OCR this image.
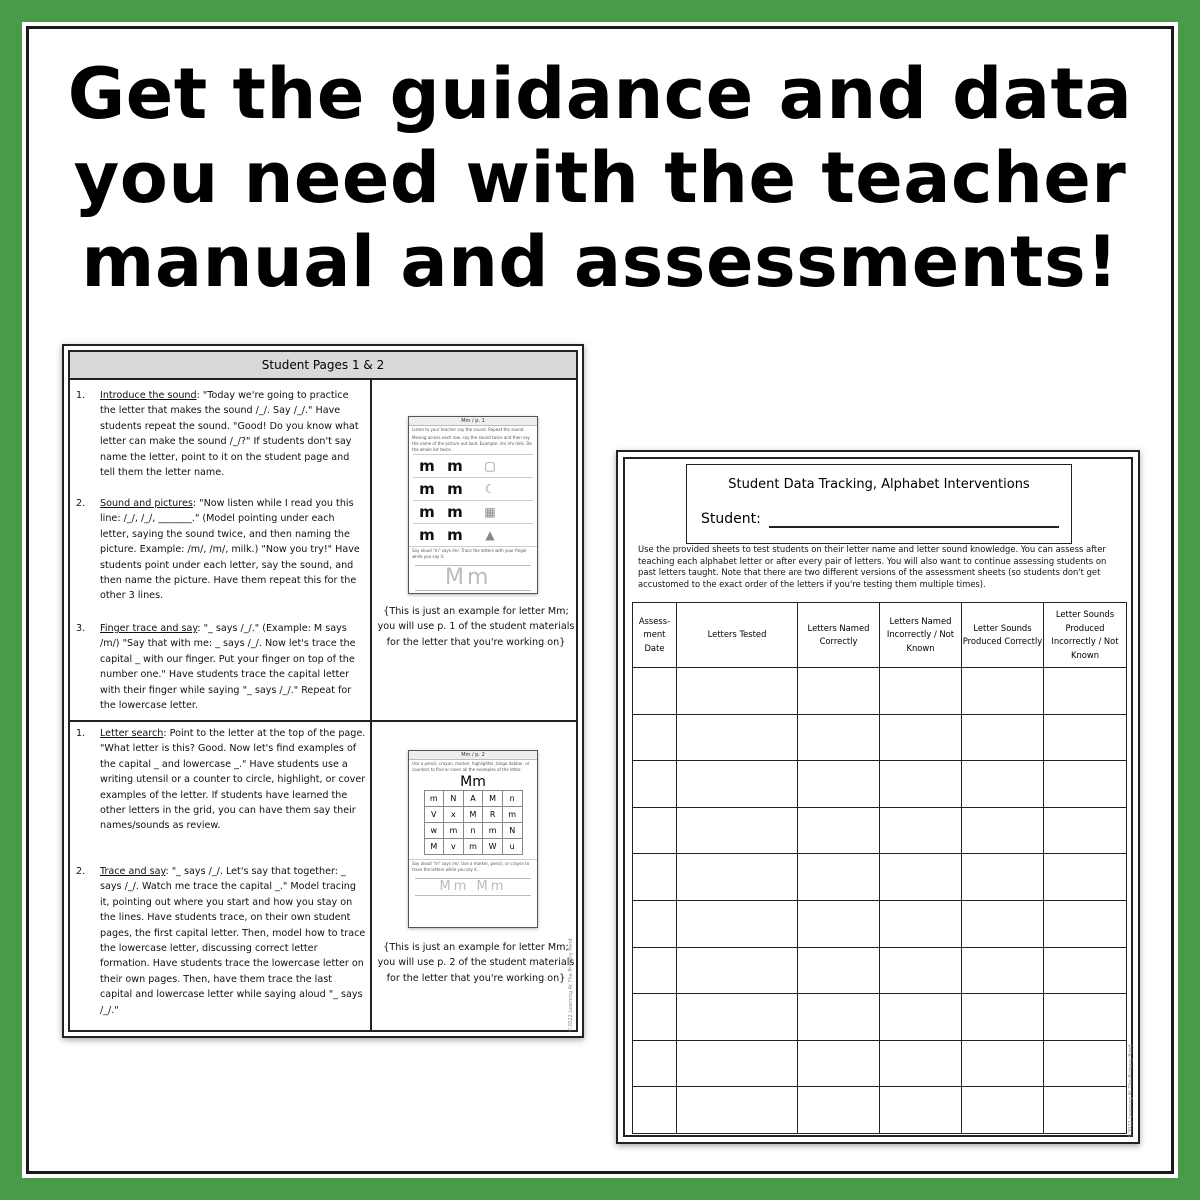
Get the guidance and data
you need with the teacher
manual and assessments!
Student Pages 1 & 2
1.	Introduce the sound: "Today we're going to practice the letter that makes the sound /_/. Say /_/." Have students repeat the sound. "Good! Do you know what letter can make the sound /_/?" If students don't say name the letter, point to it on the student page and tell them the letter name.
2.	Sound and pictures: "Now listen while I read you this line: /_/, /_/, _______." (Model pointing under each letter, saying the sound twice, and then naming the picture. Example: /m/, /m/, milk.) "Now you try!" Have students point under each letter, say the sound, and then name the picture. Have them repeat this for the other 3 lines.
3.	Finger trace and say: "_ says /_/." (Example: M says /m/) "Say that with me: _ says /_/. Now let's trace the capital _ with our finger. Put your finger on top of the number one." Have students trace the capital letter with their finger while saying "_ says /_/." Repeat for the lowercase letter.
1.	Letter search: Point to the letter at the top of the page. "What letter is this? Good. Now let's find examples of the capital _ and lowercase _." Have students use a writing utensil or a counter to circle, highlight, or cover examples of the letter. If students have learned the other letters in the grid, you can have them say their names/sounds as review.
2.	Trace and say: "_ says /_/. Let's say that together: _ says /_/. Watch me trace the capital _." Model tracing it, pointing out where you start and how you stay on the lines. Have students trace, on their own student pages, the first capital letter. Then, model how to trace the lowercase letter, discussing correct letter formation. Have students trace the lowercase letter on their own pages. Then, have them trace the last capital and lowercase letter while saying aloud "_ says /_/."
Mm / p. 1
Listen to your teacher say the sound. Repeat the sound.
Moving across each row, say the sound twice and then say the name of the picture out loud. Example: /m/ /m/ milk. Do the whole list twice.
m m	▢
m m	☾
m m	▦
m m	▲
Say aloud "m" says /m/. Trace the letters with your finger while you say it.
Mm
{This is just an example for letter Mm; you will use p. 1 of the student materials for the letter that you're working on}
Mm / p. 2
Use a pencil, crayon, marker, highlighter, bingo dabber, or counters to find or cover all the examples of the letter.
Mm
m	N	A	M	n
V	x	M	R	m
w	m	n	m	N
M	v	m	W	u
Say aloud "m" says /m/. Use a marker, pencil, or crayon to trace the letters while you say it.
Mm Mm
{This is just an example for letter Mm; you will use p. 2 of the student materials for the letter that you're working on} ©2022 Learning At The Primary Pond
Student Data Tracking, Alphabet Interventions
Student:
Use the provided sheets to test students on their letter name and letter sound knowledge. You can assess after teaching each alphabet letter or after every pair of letters. You will also want to continue assessing students on past letters taught. Note that there are two different versions of the assessment sheets (so students don't get accustomed to the exact order of the letters if you're testing them multiple times).
Assess-ment Date	Letters Tested	Letters Named Correctly	Letters Named Incorrectly / Not Known	Letter Sounds Produced Correctly	Letter Sounds Produced Incorrectly / Not Known

©2022 Learning At The Primary Pond
